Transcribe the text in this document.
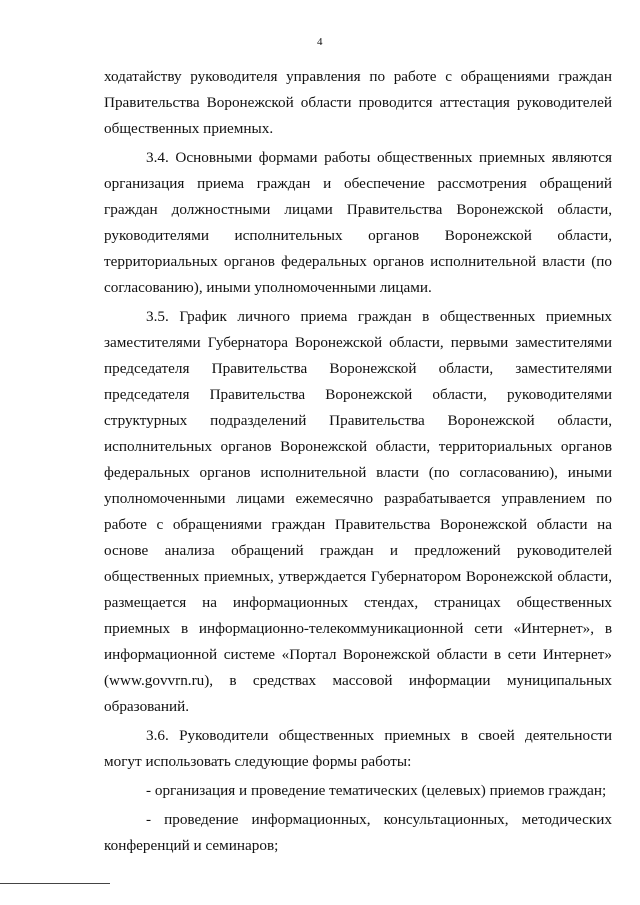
4

ходатайству руководителя управления по работе с обращениями граждан Правительства Воронежской области проводится аттестация руководителей общественных приемных.

3.4. Основными формами работы общественных приемных являются организация приема граждан и обеспечение рассмотрения обращений граждан должностными лицами Правительства Воронежской области, руководителями исполнительных органов Воронежской области, территориальных органов федеральных органов исполнительной власти (по согласованию), иными уполномоченными лицами.

3.5. График личного приема граждан в общественных приемных заместителями Губернатора Воронежской области, первыми заместителями председателя Правительства Воронежской области, заместителями председателя Правительства Воронежской области, руководителями структурных подразделений Правительства Воронежской области, исполнительных органов Воронежской области, территориальных органов федеральных органов исполнительной власти (по согласованию), иными уполномоченными лицами ежемесячно разрабатывается управлением по работе с обращениями граждан Правительства Воронежской области на основе анализа обращений граждан и предложений руководителей общественных приемных, утверждается Губернатором Воронежской области, размещается на информационных стендах, страницах общественных приемных в информационно-телекоммуникационной сети «Интернет», в информационной системе «Портал Воронежской области в сети Интернет» (www.govvrn.ru), в средствах массовой информации муниципальных образований.

3.6. Руководители общественных приемных в своей деятельности могут использовать следующие формы работы:

- организация и проведение тематических (целевых) приемов граждан;

- проведение информационных, консультационных, методических конференций и семинаров;
